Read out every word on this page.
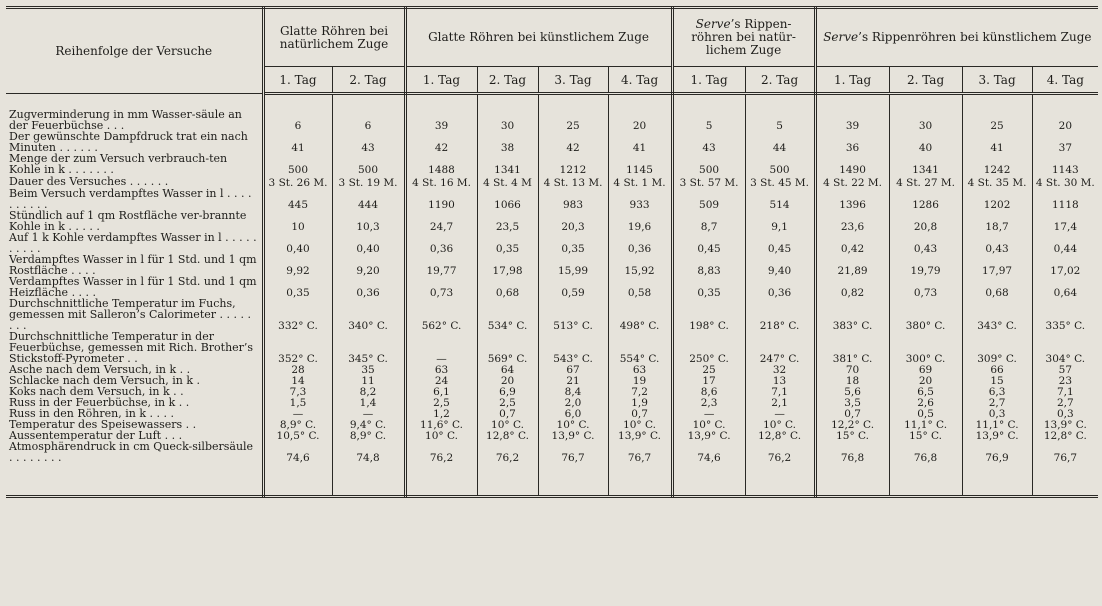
Reihenfolge der Versuche	Glatte Röhren bei natürlichem Zuge		Glatte Röhren bei künstlichem Zuge				Serve’s Rippen-röhren bei natür-lichem Zuge		Serve’s Rippenröhren bei künstlichem Zuge			
	1. Tag	2. Tag	1. Tag	2. Tag	3. Tag	4. Tag	1. Tag	2. Tag	1. Tag	2. Tag	3. Tag	4. Tag

Zugverminderung in mm Wasser-säule an der Feuerbüchse . . .	6	6	39	30	25	20	5	5	39	30	25	20
Der gewünschte Dampfdruck trat ein nach Minuten . . . . . .	41	43	42	38	42	41	43	44	36	40	41	37
Menge der zum Versuch verbrauch-ten Kohle in k . . . . . . .	500	500	1488	1341	1212	1145	500	500	1490	1341	1242	1143
Dauer des Versuches . . . . . .	3 St. 26 M.	3 St. 19 M.	4 St. 16 M.	4 St. 4 M	4 St. 13 M.	4 St. 1 M.	3 St. 57 M.	3 St. 45 M.	4 St. 22 M.	4 St. 27 M.	4 St. 35 M.	4 St. 30 M.
Beim Versuch verdampftes Wasser in l . . . . . . . . . .	445	444	1190	1066	983	933	509	514	1396	1286	1202	1118
Stündlich auf 1 qm Rostfläche ver-brannte Kohle in k . . . . .	10	10,3	24,7	23,5	20,3	19,6	8,7	9,1	23,6	20,8	18,7	17,4
Auf 1 k Kohle verdampftes Wasser in l . . . . . . . . . .	0,40	0,40	0,36	0,35	0,35	0,36	0,45	0,45	0,42	0,43	0,43	0,44
Verdampftes Wasser in l für 1 Std. und 1 qm Rostfläche . . . .	9,92	9,20	19,77	17,98	15,99	15,92	8,83	9,40	21,89	19,79	17,97	17,02
Verdampftes Wasser in l für 1 Std. und 1 qm Heizfläche . . . .	0,35	0,36	0,73	0,68	0,59	0,58	0,35	0,36	0,82	0,73	0,68	0,64
Durchschnittliche Temperatur im Fuchs, gemessen mit Salleron’s Calorimeter . . . . . . . .	332° C.	340° C.	562° C.	534° C.	513° C.	498° C.	198° C.	218° C.	383° C.	380° C.	343° C.	335° C.
Durchschnittliche Temperatur in der Feuerbüchse, gemessen mit Rich. Brother’s Stickstoff-Pyrometer . .	352° C.	345° C.	—	569° C.	543° C.	554° C.	250° C.	247° C.	381° C.	300° C.	309° C.	304° C.
Asche nach dem Versuch, in k . .	28	35	63	64	67	63	25	32	70	69	66	57
Schlacke nach dem Versuch, in k .	14	11	24	20	21	19	17	13	18	20	15	23
Koks nach dem Versuch, in k . .	7,3	8,2	6,1	6,9	8,4	7,2	8,6	7,1	5,6	6,5	6,3	7,1
Russ in der Feuerbüchse, in k . .	1,5	1,4	2,5	2,5	2,0	1,9	2,3	2,1	3,5	2,6	2,7	2,7
Russ in den Röhren, in k . . . .	—	—	1,2	0,7	6,0	0,7	—	—	0,7	0,5	0,3	0,3
Temperatur des Speisewassers . .	8,9° C.	9,4° C.	11,6° C.	10° C.	10° C.	10° C.	10° C.	10° C.	12,2° C.	11,1° C.	11,1° C.	13,9° C.
Aussentemperatur der Luft . . .	10,5° C.	8,9° C.	10° C.	12,8° C.	13,9° C.	13,9° C.	13,9° C.	12,8° C.	15° C.	15° C.	13,9° C.	12,8° C.
Atmosphärendruck in cm Queck-silbersäule . . . . . . . .	74,6	74,8	76,2	76,2	76,7	76,7	74,6	76,2	76,8	76,8	76,9	76,7
